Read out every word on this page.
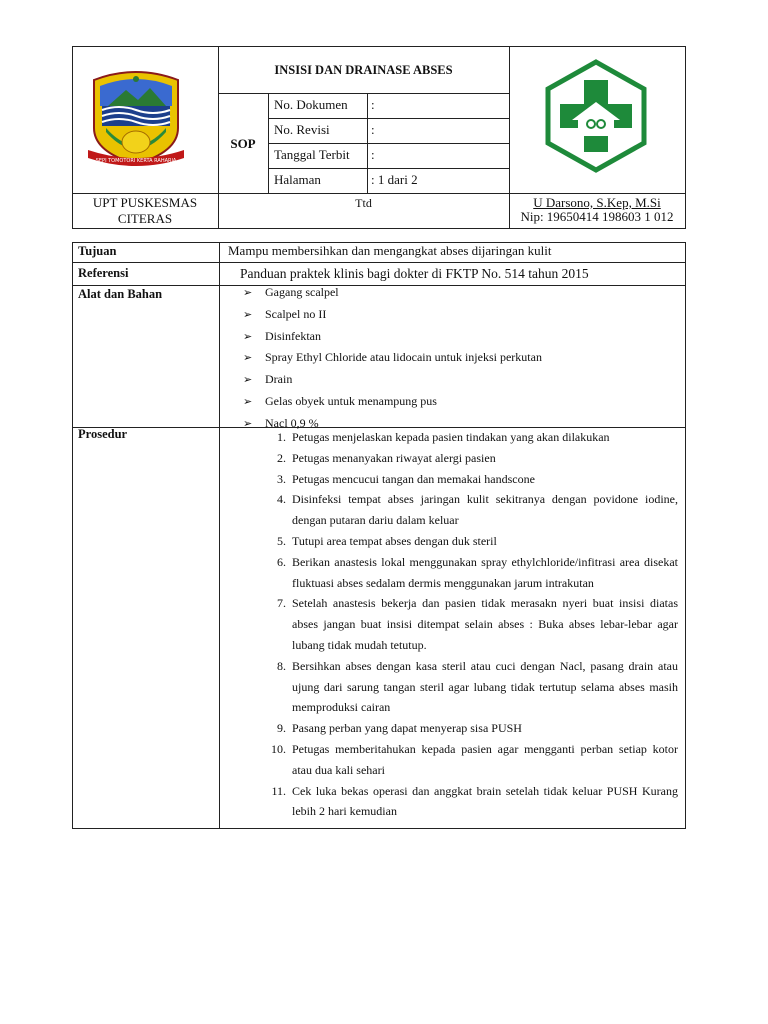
SEPI TOMOTORI KERTA RAHARJA
INSISI DAN DRAINASE ABSES
SOP
No. Dokumen :
No. Revisi	:
Tanggal Terbit :
Halaman	: 1 dari 2
UPT PUSKESMAS
CITERAS
Ttd	U Darsono, S.Kep, M.Si
Nip: 19650414 198603 1 012
Tujuan	Mampu membersihkan dan mengangkat abses dijaringan kulit
Referensi	Panduan praktek klinis bagi dokter di FKTP No. 514 tahun 2015
Alat dan Bahan	➢ Gagang scalpel
➢ Scalpel no II
➢ Disinfektan
➢ Spray Ethyl Chloride atau lidocain untuk injeksi perkutan
➢ Drain
➢ Gelas obyek untuk menampung pus
➢ Nacl 0,9 %
Prosedur	1. Petugas menjelaskan kepada pasien tindakan yang akan dilakukan
2. Petugas menanyakan riwayat alergi pasien
3. Petugas mencucui tangan dan memakai handscone
4. Disinfeksi tempat abses jaringan kulit sekitranya dengan povidone iodine, dengan putaran dariu dalam keluar
5. Tutupi area tempat abses dengan duk steril
6. Berikan anastesis lokal menggunakan spray ethylchloride/infitrasi area disekat fluktuasi abses sedalam dermis menggunakan jarum intrakutan
7. Setelah anastesis bekerja dan pasien tidak merasakn nyeri buat insisi diatas abses jangan buat insisi ditempat selain abses : Buka abses lebar-lebar agar lubang tidak mudah tetutup.
8. Bersihkan abses dengan kasa steril atau cuci dengan Nacl, pasang drain atau ujung dari sarung tangan steril agar lubang tidak tertutup selama abses masih memproduksi cairan
9. Pasang perban yang dapat menyerap sisa PUSH
10. Petugas memberitahukan kepada pasien agar mengganti perban setiap kotor atau dua kali sehari
11. Cek luka bekas operasi dan anggkat brain setelah tidak keluar PUSH Kurang lebih 2 hari kemudian
